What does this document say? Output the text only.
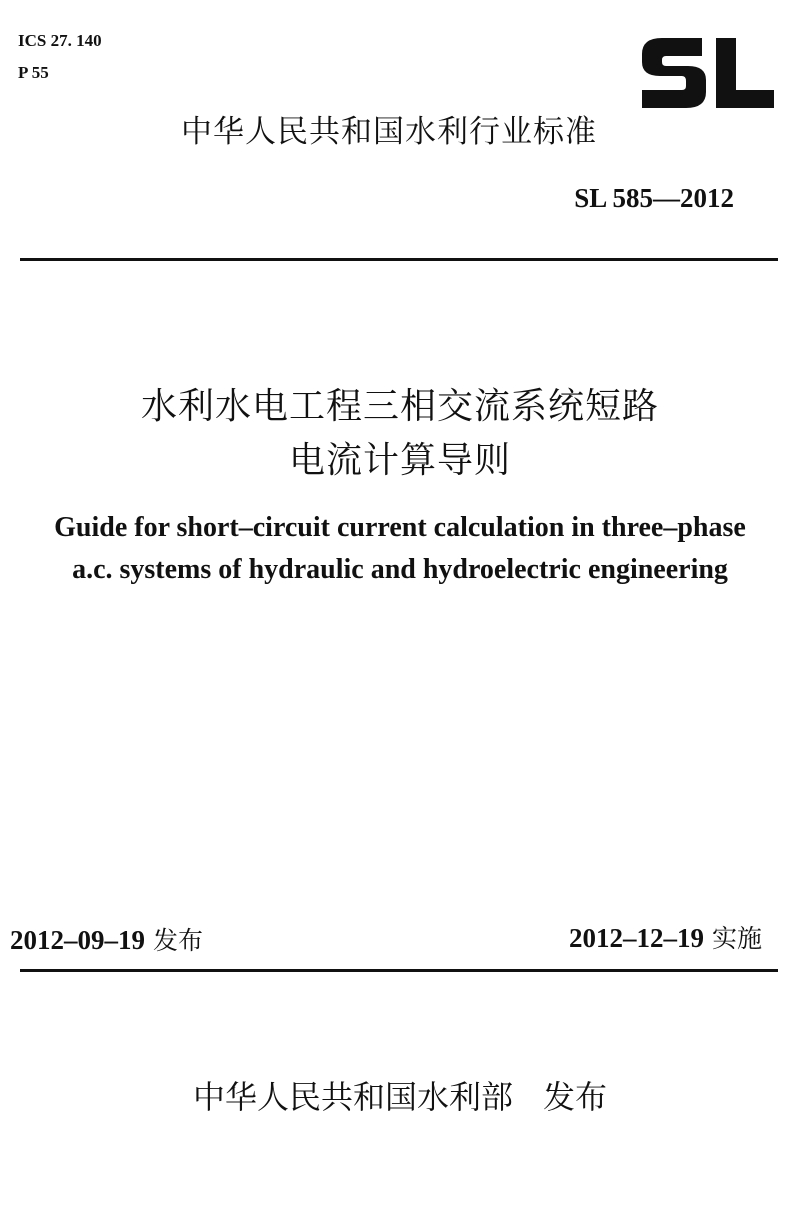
ICS 27. 140
P 55
中华人民共和国水利行业标准
SL 585—2012
水利水电工程三相交流系统短路
电流计算导则
Guide for short–circuit current calculation in three–phase
a.c. systems of hydraulic and hydroelectric engineering
2012–09–19 发布	2012–12–19 实施
中华人民共和国水利部 发布
